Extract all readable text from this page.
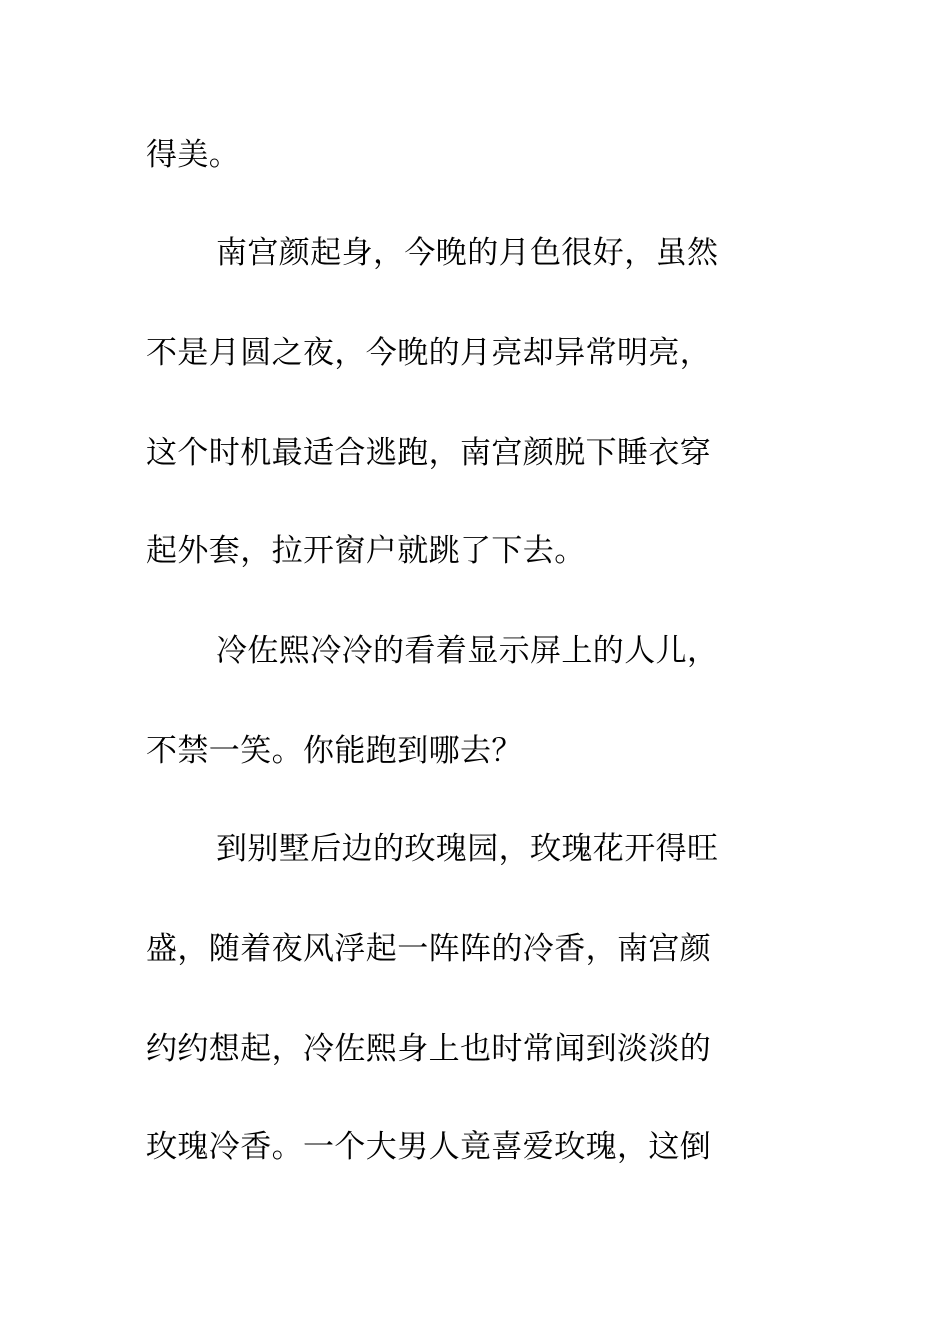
得美。
南宫颜起身，今晚的月色很好，虽然
不是月圆之夜，今晚的月亮却异常明亮，
这个时机最适合逃跑，南宫颜脱下睡衣穿
起外套，拉开窗户就跳了下去。
冷佐熙冷冷的看着显示屏上的人儿，
不禁一笑。你能跑到哪去？
到别墅后边的玫瑰园，玫瑰花开得旺
盛，随着夜风浮起一阵阵的冷香，南宫颜
约约想起，冷佐熙身上也时常闻到淡淡的
玫瑰冷香。一个大男人竟喜爱玫瑰，这倒
